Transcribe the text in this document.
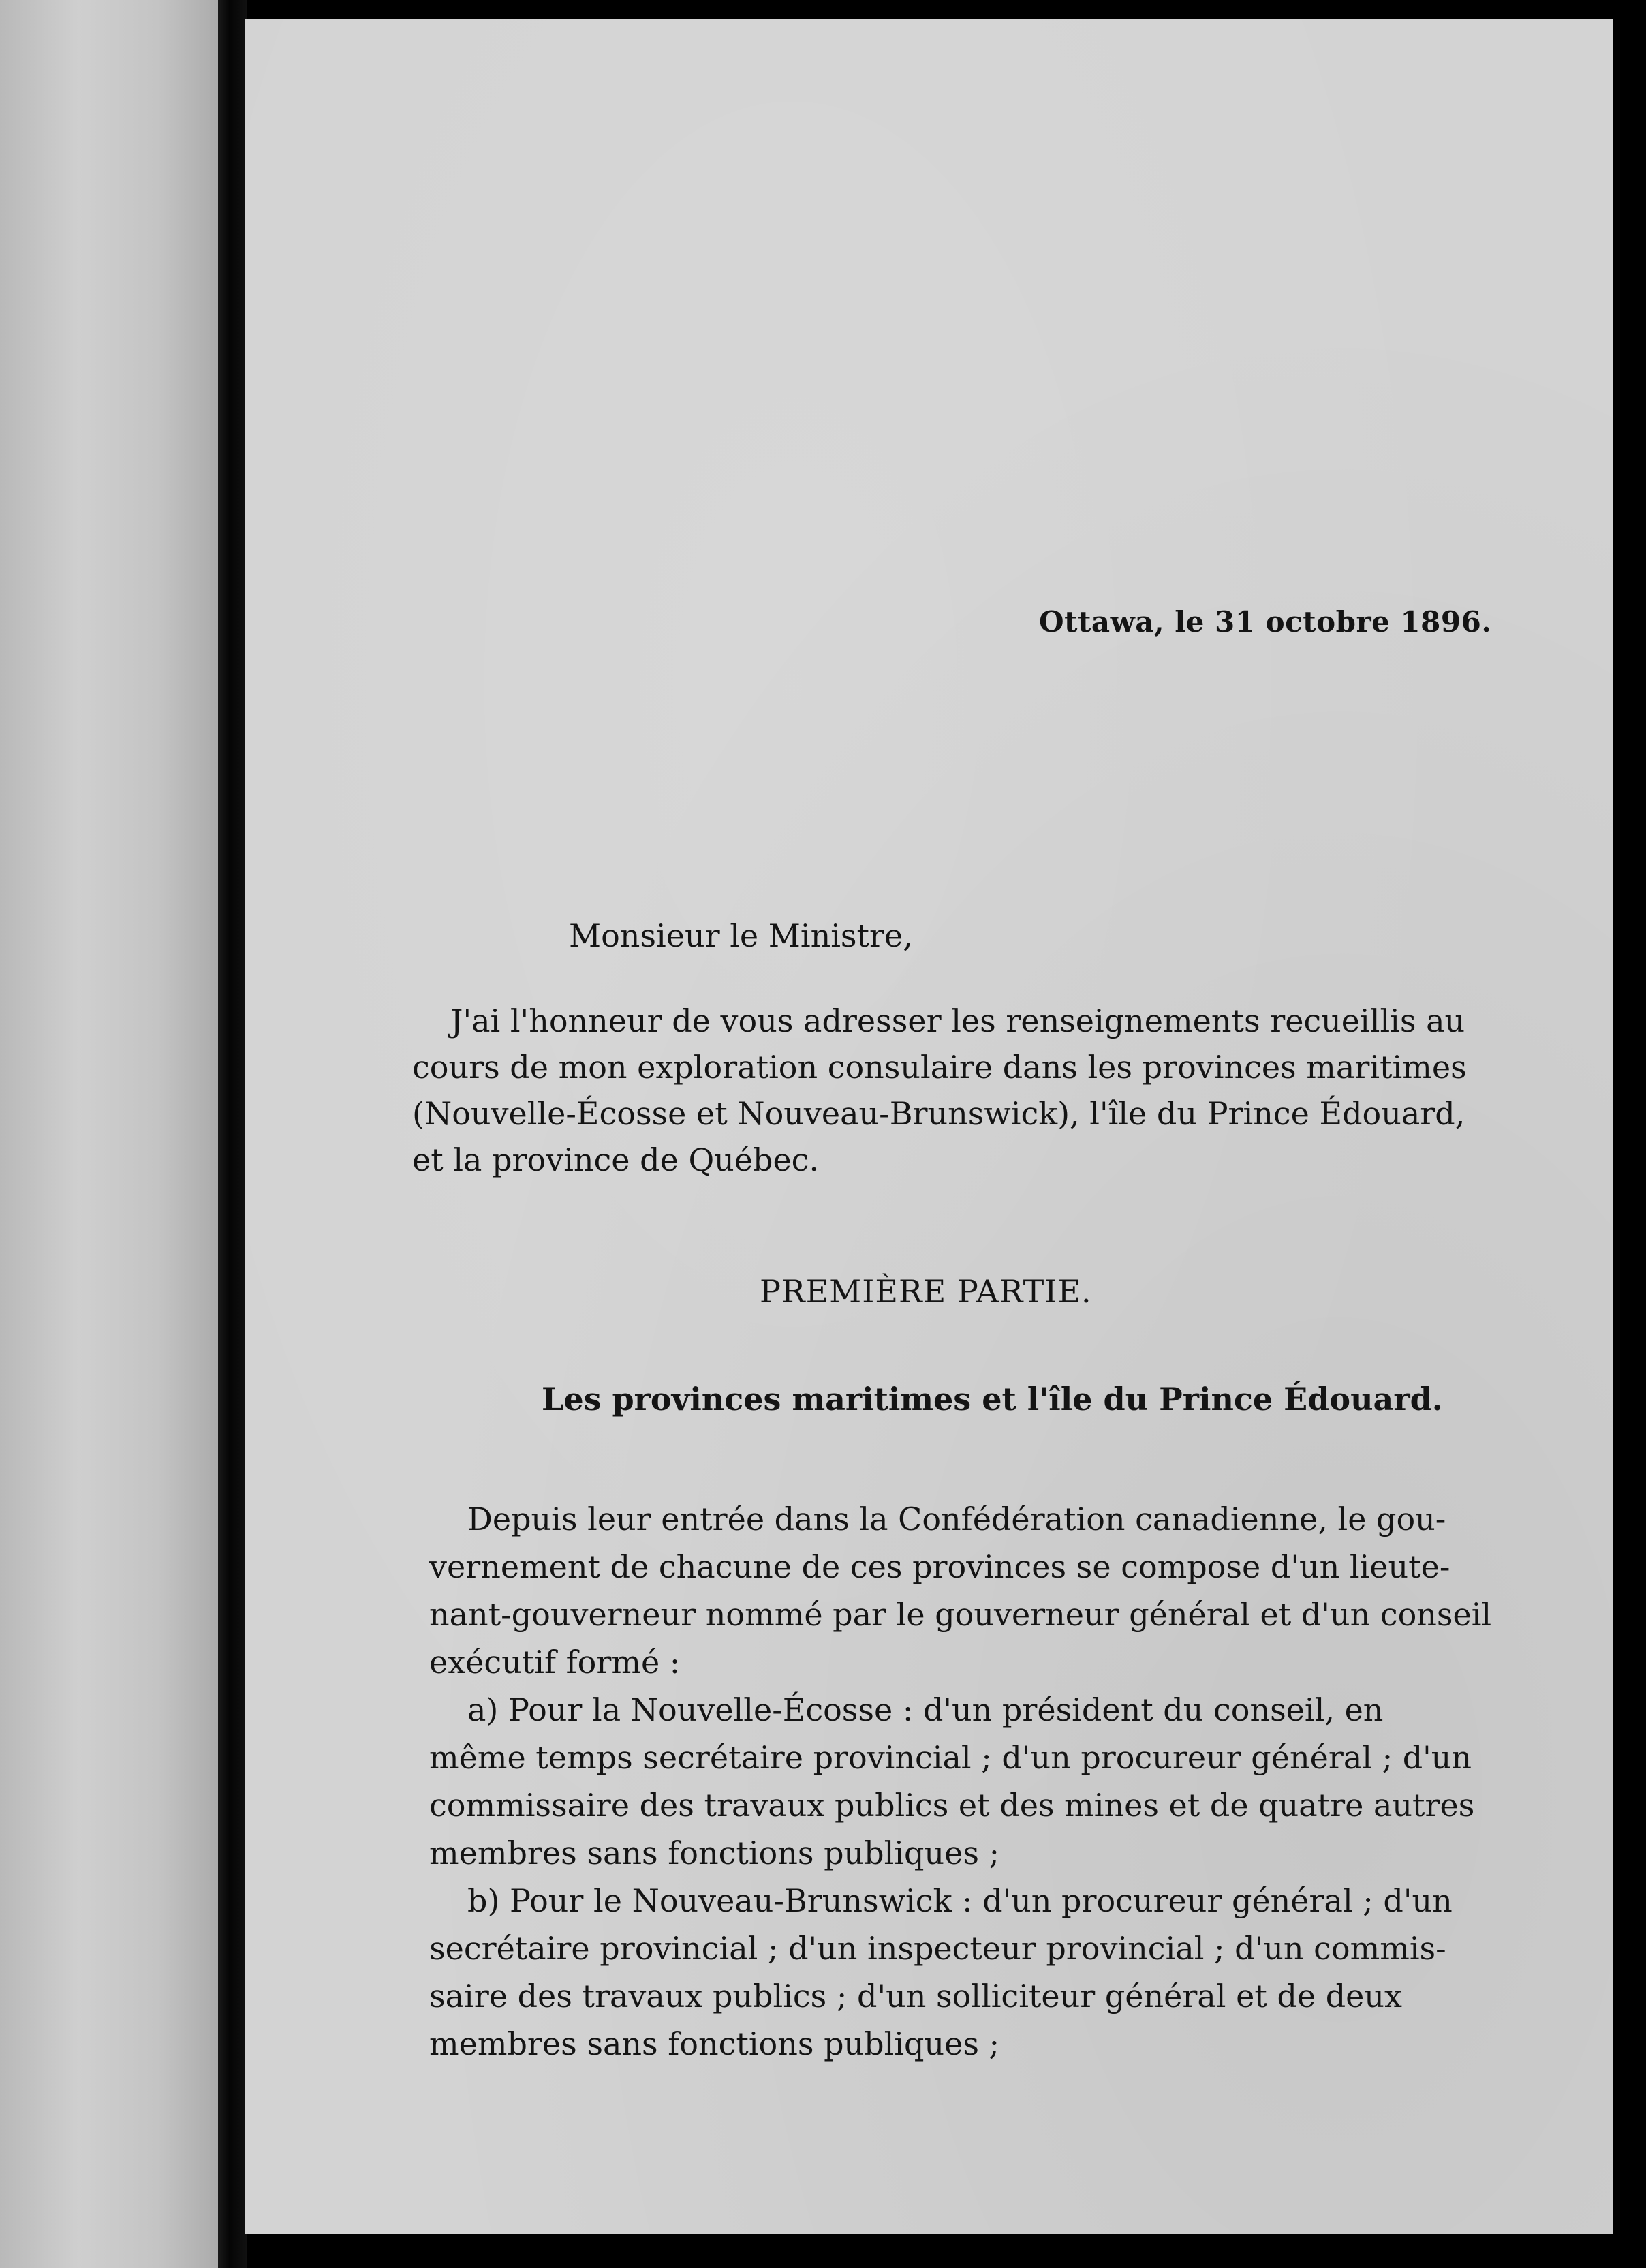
Ottawa, le 31 octobre 1896.
Monsieur le Ministre,
J'ai l'honneur de vous adresser les renseignements recueillis au
cours de mon exploration consulaire dans les provinces maritimes
(Nouvelle-Écosse et Nouveau-Brunswick), l'île du Prince Édouard,
et la province de Québec.
PREMIÈRE PARTIE.
Les provinces maritimes et l'île du Prince Édouard.
Depuis leur entrée dans la Confédération canadienne, le gou-
vernement de chacune de ces provinces se compose d'un lieute-
nant-gouverneur nommé par le gouverneur général et d'un conseil
exécutif formé :
a) Pour la Nouvelle-Écosse : d'un président du conseil, en
même temps secrétaire provincial ; d'un procureur général ; d'un
commissaire des travaux publics et des mines et de quatre autres
membres sans fonctions publiques ;
b) Pour le Nouveau-Brunswick : d'un procureur général ; d'un
secrétaire provincial ; d'un inspecteur provincial ; d'un commis-
saire des travaux publics ; d'un solliciteur général et de deux
membres sans fonctions publiques ;
